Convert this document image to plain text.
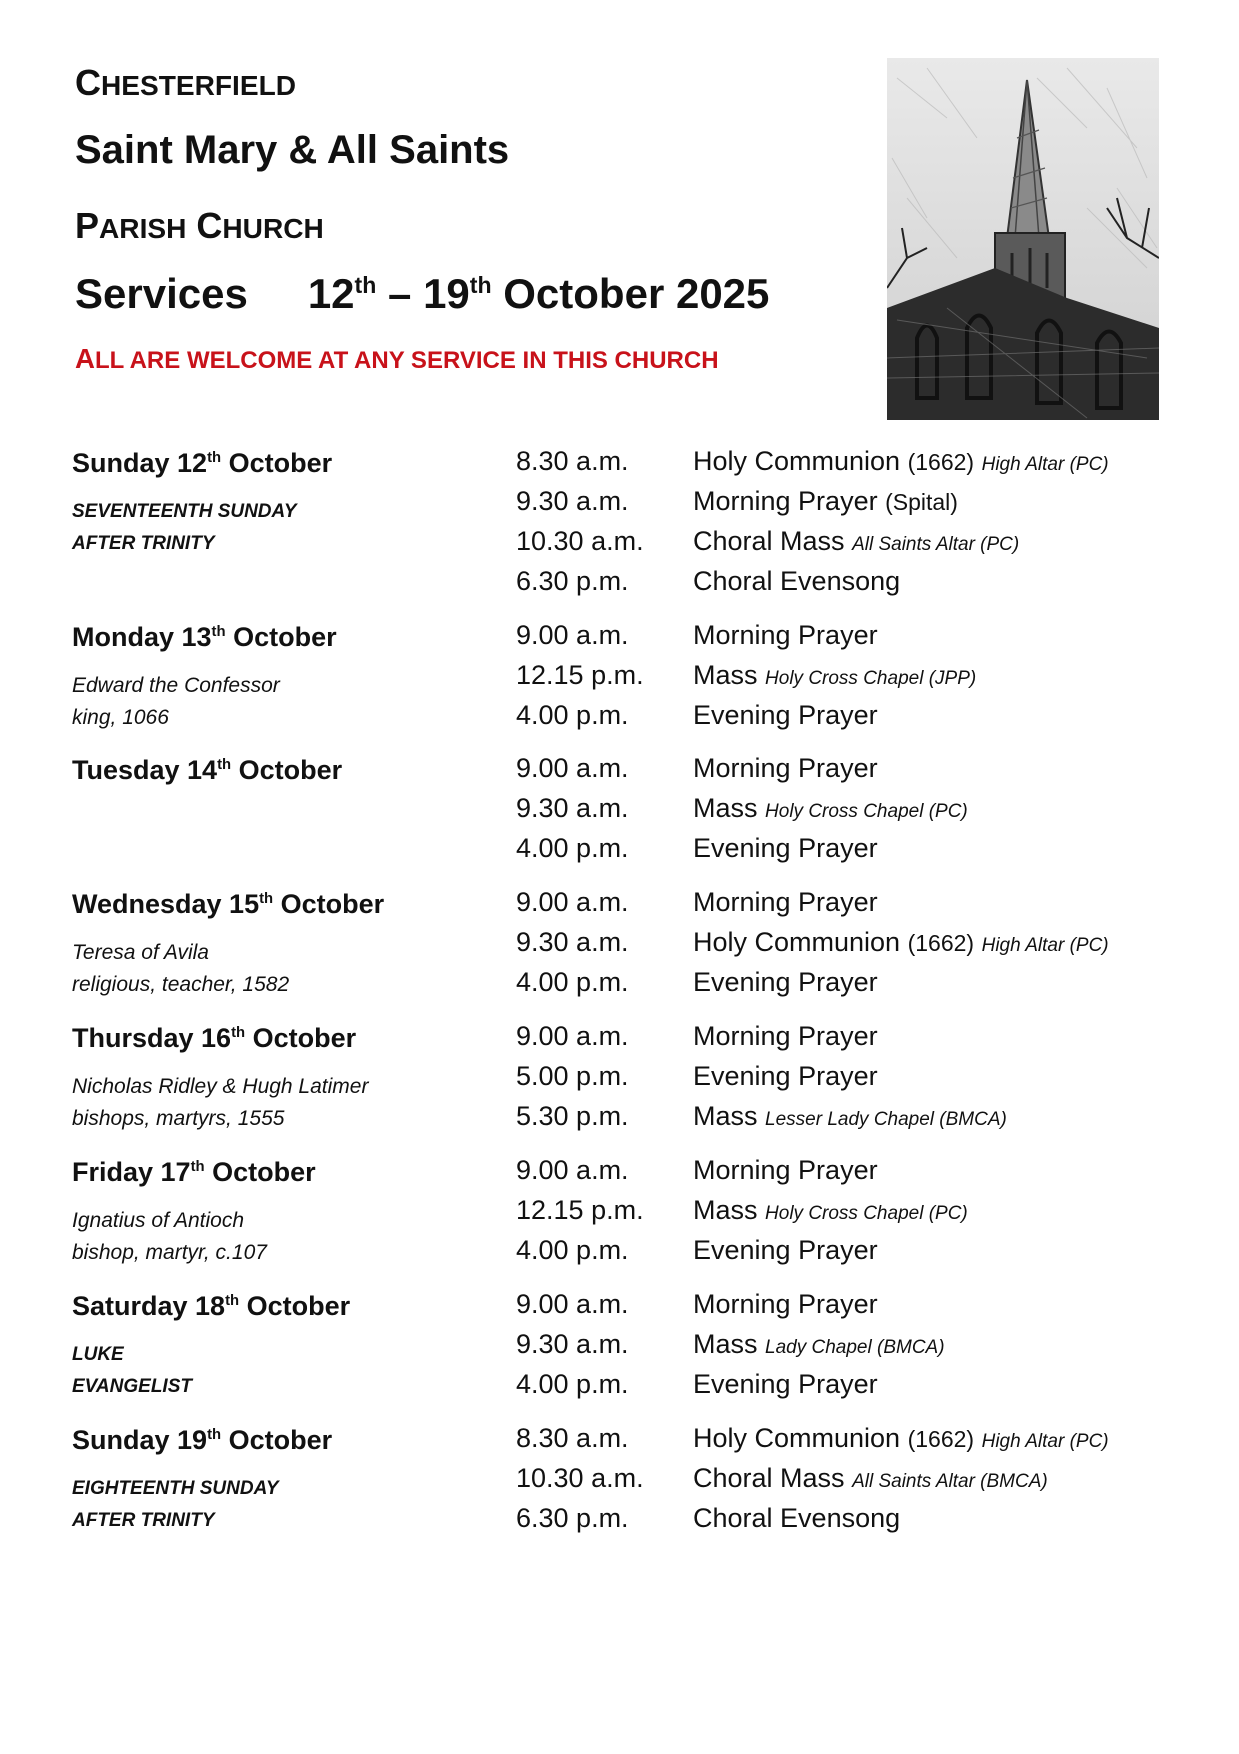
CHESTERFIELD
Saint Mary & All Saints
PARISH CHURCH
Services 12th – 19th October 2025
ALL ARE WELCOME AT ANY SERVICE IN THIS CHURCH
Sunday 12th October
SEVENTEENTH SUNDAY
AFTER TRINITY
8.30 a.m.	Holy Communion (1662) High Altar (PC)
9.30 a.m.	Morning Prayer (Spital)
10.30 a.m.	Choral Mass All Saints Altar (PC)
6.30 p.m.	Choral Evensong
Monday 13th October
Edward the Confessor
king, 1066
9.00 a.m.	Morning Prayer
12.15 p.m.	Mass Holy Cross Chapel (JPP)
4.00 p.m.	Evening Prayer
Tuesday 14th October	9.00 a.m.	Morning Prayer
9.30 a.m.	Mass Holy Cross Chapel (PC)
4.00 p.m.	Evening Prayer
Wednesday 15th October
Teresa of Avila
religious, teacher, 1582
9.00 a.m.	Morning Prayer
9.30 a.m.	Holy Communion (1662) High Altar (PC)
4.00 p.m.	Evening Prayer
Thursday 16th October
Nicholas Ridley & Hugh Latimer
bishops, martyrs, 1555
9.00 a.m.	Morning Prayer
5.00 p.m.	Evening Prayer
5.30 p.m.	Mass Lesser Lady Chapel (BMCA)
Friday 17th October
Ignatius of Antioch
bishop, martyr, c.107
9.00 a.m.	Morning Prayer
12.15 p.m.	Mass Holy Cross Chapel (PC)
4.00 p.m.	Evening Prayer
Saturday 18th October
LUKE
EVANGELIST
9.00 a.m.	Morning Prayer
9.30 a.m.	Mass Lady Chapel (BMCA)
4.00 p.m.	Evening Prayer
Sunday 19th October
EIGHTEENTH SUNDAY
AFTER TRINITY
8.30 a.m.	Holy Communion (1662) High Altar (PC)
10.30 a.m.	Choral Mass All Saints Altar (BMCA)
6.30 p.m.	Choral Evensong
